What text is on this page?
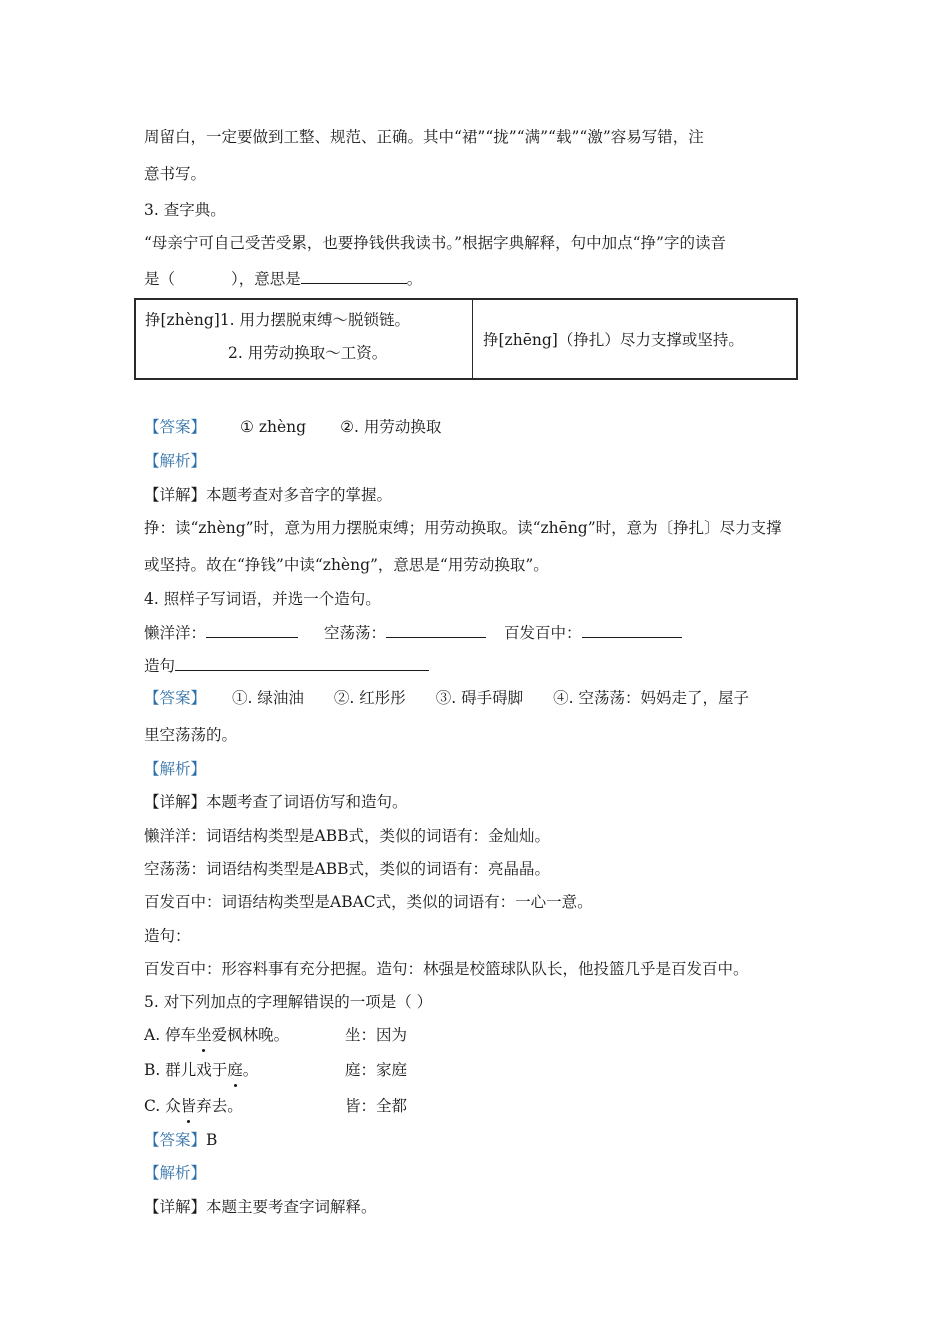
周留白，一定要做到工整、规范、正确。其中“裙”“拢”“满”“载”“激”容易写错，注
意书写。
3. 查字典。
“母亲宁可自己受苦受累，也要挣钱供我读书。”根据字典解释，句中加点“挣”字的读音
是（	），意思是	。
挣[zhèng]1. 用力摆脱束缚～脱锁链。
2. 用劳动换取～工资。
	挣[zhēng]（挣扎）尽力支撑或坚持。
【答案】 ① zhèng ②. 用劳动换取
【解析】
【详解】本题考查对多音字的掌握。
挣：读“zhèng”时，意为用力摆脱束缚；用劳动换取。读“zhēng”时，意为〔挣扎〕尽力支撑
或坚持。故在“挣钱”中读“zhèng”，意思是“用劳动换取”。
4. 照样子写词语，并选一个造句。
懒洋洋：	空荡荡：	百发百中：
造句
【答案】 ①. 绿油油 ②. 红彤彤 ③. 碍手碍脚 ④. 空荡荡：妈妈走了，屋子
里空荡荡的。
【解析】
【详解】本题考查了词语仿写和造句。
懒洋洋：词语结构类型是ABB式，类似的词语有：金灿灿。
空荡荡：词语结构类型是ABB式，类似的词语有：亮晶晶。
百发百中：词语结构类型是ABAC式，类似的词语有：一心一意。
造句：
百发百中：形容料事有充分把握。造句：林强是校篮球队队长，他投篮几乎是百发百中。
5. 对下列加点的字理解错误的一项是（ ）
A. 停车坐爱枫林晚。	坐：因为
B. 群儿戏于庭。	庭：家庭
C. 众皆弃去。	皆：全都
【答案】B
【解析】
【详解】本题主要考查字词解释。
